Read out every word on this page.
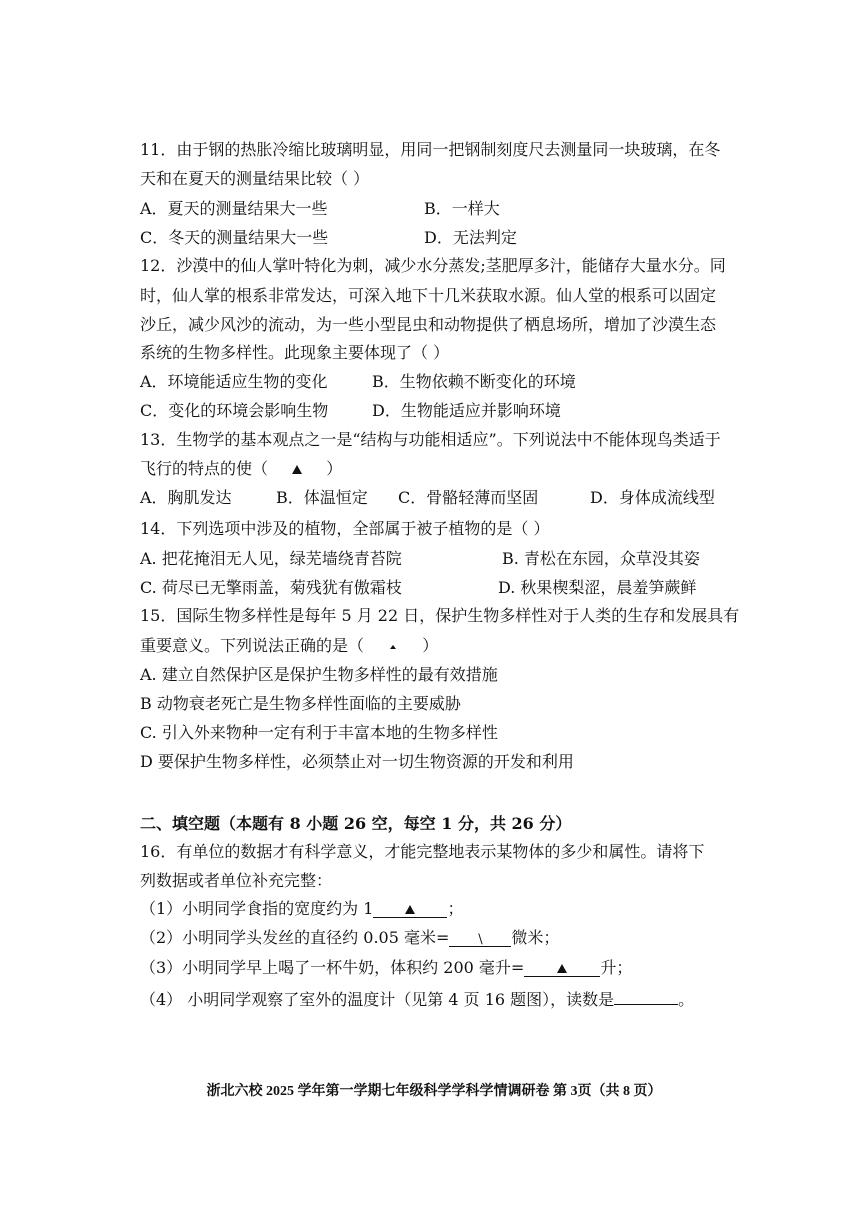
11．由于钢的热胀冷缩比玻璃明显，用同一把钢制刻度尺去测量同一块玻璃，在冬
天和在夏天的测量结果比较（ ）
A．夏天的测量结果大一些	B．一样大
C．冬天的测量结果大一些	D．无法判定
12．沙漠中的仙人掌叶特化为刺，减少水分蒸发;茎肥厚多汁，能储存大量水分。同
时，仙人掌的根系非常发达，可深入地下十几米获取水源。仙人堂的根系可以固定
沙丘，减少风沙的流动，为一些小型昆虫和动物提供了栖息场所，增加了沙漠生态
系统的生物多样性。此现象主要体现了（ ）
A．环境能适应生物的变化	B．生物依赖不断变化的环境
C．变化的环境会影响生物	D．生物能适应并影响环境
13．生物学的基本观点之一是“结构与功能相适应”。下列说法中不能体现鸟类适于
飞行的特点的使（	）
A．胸肌发达	B．体温恒定 C．骨骼轻薄而坚固	D．身体成流线型
14．下列选项中涉及的植物，全部属于被子植物的是（ ）
A. 把花掩泪无人见，绿芜墙绕青苔院	B. 青松在东园，众草没其姿
C. 荷尽已无擎雨盖，菊残犹有傲霜枝	D. 秋果楔梨涩，晨羞笋蕨鲜
15．国际生物多样性是每年 5 月 22 日，保护生物多样性对于人类的生存和发展具有
重要意义。下列说法正确的是（	）
A. 建立自然保护区是保护生物多样性的最有效措施
B 动物衰老死亡是生物多样性面临的主要威胁
C. 引入外来物种一定有利于丰富本地的生物多样性
D 要保护生物多样性，必须禁止对一切生物资源的开发和利用
二、填空题（本题有 8 小题 26 空，每空 1 分，共 26 分）
16．有单位的数据才有科学意义，才能完整地表示某物体的多少和属性。请将下
列数据或者单位补充完整：
（1）小明同学食指的宽度约为 1	；
（2）小明同学头发丝的直径约 0.05 毫米= \ 微米；
（3）小明同学早上喝了一杯牛奶，体积约 200 毫升=	升；
（4） 小明同学观察了室外的温度计（见第 4 页 16 题图），读数是	。
浙北六校 2025 学年第一学期七年级科学学科学情调研卷 第 3页（共 8 页）
